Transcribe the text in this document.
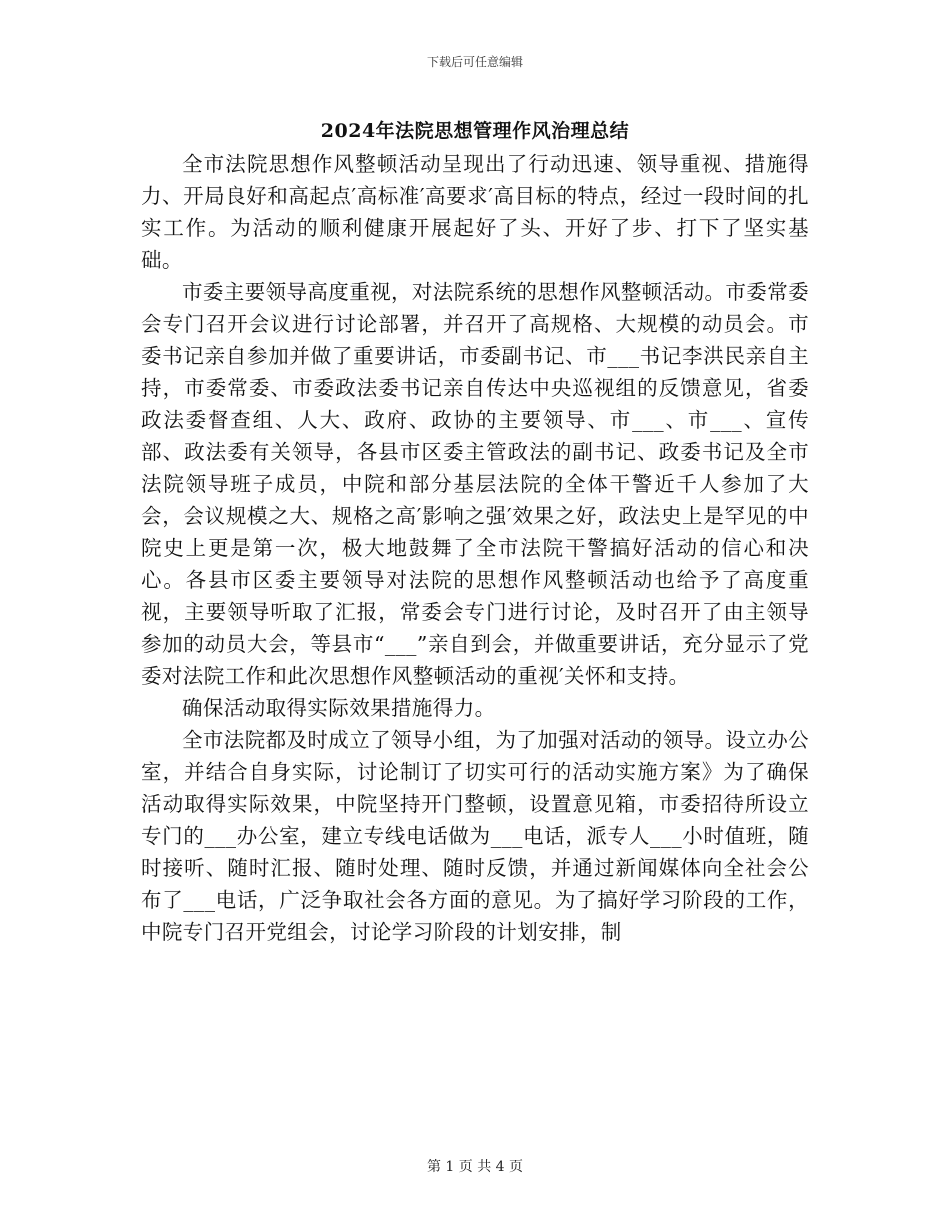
下载后可任意编辑
2024年法院思想管理作风治理总结

全市法院思想作风整顿活动呈现出了行动迅速、领导重视、措施得力、开局良好和高起点′高标准′高要求′高目标的特点，经过一段时间的扎实工作。为活动的顺利健康开展起好了头、开好了步、打下了坚实基础。

市委主要领导高度重视，对法院系统的思想作风整顿活动。市委常委会专门召开会议进行讨论部署，并召开了高规格、大规模的动员会。市委书记亲自参加并做了重要讲话，市委副书记、市___书记李洪民亲自主持，市委常委、市委政法委书记亲自传达中央巡视组的反馈意见，省委政法委督查组、人大、政府、政协的主要领导、市___、市___、宣传部、政法委有关领导，各县市区委主管政法的副书记、政委书记及全市法院领导班子成员，中院和部分基层法院的全体干警近千人参加了大会，会议规模之大、规格之高′影响之强′效果之好，政法史上是罕见的中院史上更是第一次，极大地鼓舞了全市法院干警搞好活动的信心和决心。各县市区委主要领导对法院的思想作风整顿活动也给予了高度重视，主要领导听取了汇报，常委会专门进行讨论，及时召开了由主领导参加的动员大会，等县市“___”亲自到会，并做重要讲话，充分显示了党委对法院工作和此次思想作风整顿活动的重视′关怀和支持。

确保活动取得实际效果措施得力。

全市法院都及时成立了领导小组，为了加强对活动的领导。设立办公室，并结合自身实际，讨论制订了切实可行的活动实施方案》为了确保活动取得实际效果，中院坚持开门整顿，设置意见箱，市委招待所设立专门的___办公室，建立专线电话做为___电话，派专人___小时值班，随时接听、随时汇报、随时处理、随时反馈，并通过新闻媒体向全社会公布了___电话，广泛争取社会各方面的意见。为了搞好学习阶段的工作，中院专门召开党组会，讨论学习阶段的计划安排，制

第 1 页 共 4 页
